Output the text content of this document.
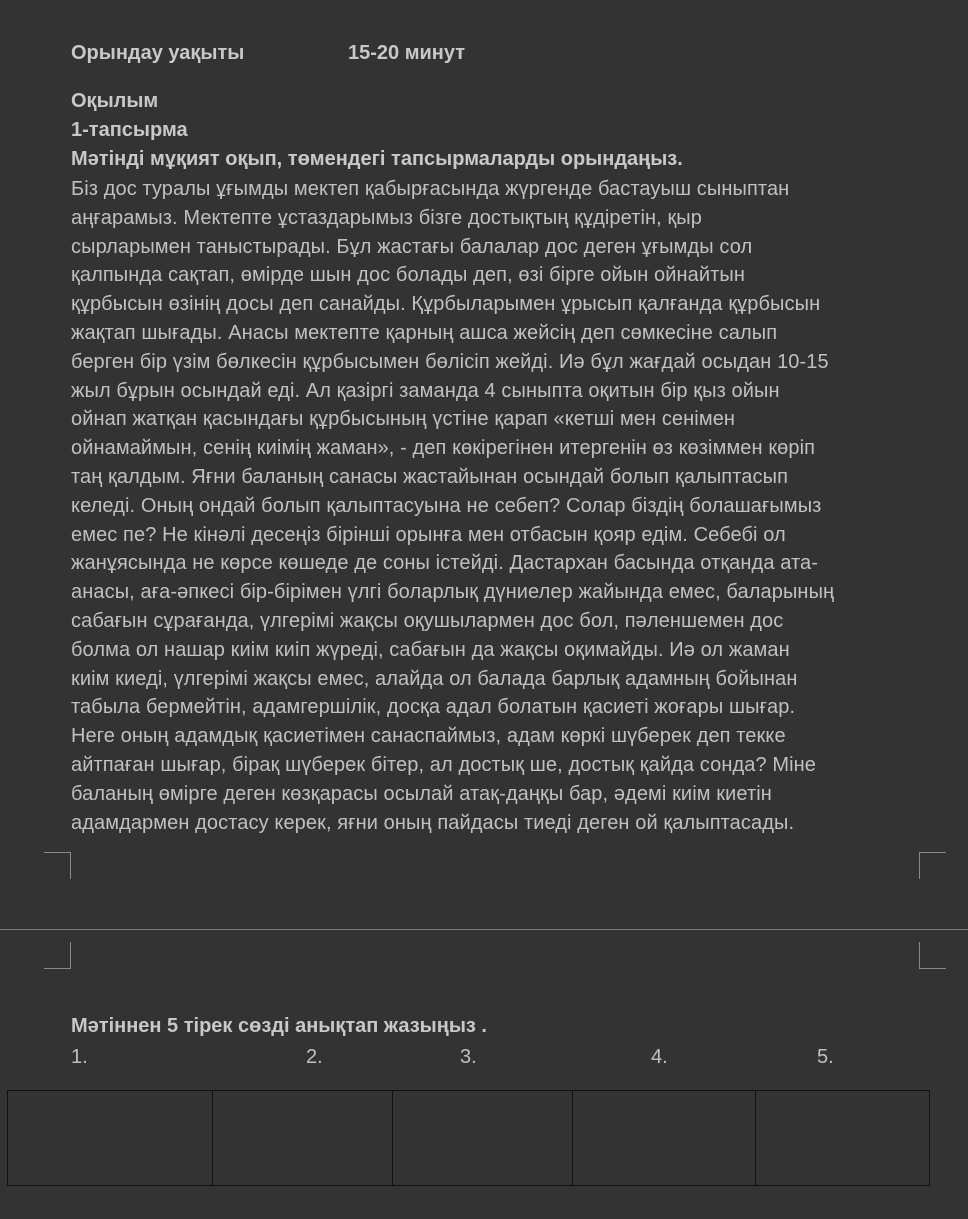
Орындау уақыты	15-20 минут
Оқылым
1-тапсырма
Мәтінді мұқият оқып, төмендегі тапсырмаларды орындаңыз.
Біз дос туралы ұғымды мектеп қабырғасында жүргенде бастауыш сыныптан
аңғарамыз. Мектепте ұстаздарымыз бізге достықтың құдіретін, қыр
сырларымен таныстырады. Бұл жастағы балалар дос деген ұғымды сол
қалпында сақтап, өмірде шын дос болады деп, өзі бірге ойын ойнайтын
құрбысын өзінің досы деп санайды. Құрбыларымен ұрысып қалғанда құрбысын
жақтап шығады. Анасы мектепте қарның ашса жейсің деп сөмкесіне салып
берген бір үзім бөлкесін құрбысымен бөлісіп жейді. Иә бұл жағдай осыдан 10-15
жыл бұрын осындай еді. Ал қазіргі заманда 4 сыныпта оқитын бір қыз ойын
ойнап жатқан қасындағы құрбысының үстіне қарап «кетші мен сенімен
ойнамаймын, сенің киімің жаман», - деп көкірегінен итергенін өз көзіммен көріп
таң қалдым. Яғни баланың санасы жастайынан осындай болып қалыптасып
келеді. Оның ондай болып қалыптасуына не себеп? Солар біздің болашағымыз
емес пе? Не кінәлі десеңіз бірінші орынға мен отбасын қояр едім. Себебі ол
жанұясында не көрсе көшеде де соны істейді. Дастархан басында отқанда ата-
анасы, аға-әпкесі бір-бірімен үлгі боларлық дүниелер жайында емес, баларының
сабағын сұрағанда, үлгерімі жақсы оқушылармен дос бол, пәленшемен дос
болма ол нашар киім киіп жүреді, сабағын да жақсы оқимайды. Иә ол жаман
киім киеді, үлгерімі жақсы емес, алайда ол балада барлық адамның бойынан
табыла бермейтін, адамгершілік, досқа адал болатын қасиеті жоғары шығар.
Неге оның адамдық қасиетімен санаспаймыз, адам көркі шүберек деп текке
айтпаған шығар, бірақ шүберек бітер, ал достық ше, достық қайда сонда? Міне
баланың өмірге деген көзқарасы осылай атақ-даңқы бар, әдемі киім киетін
адамдармен достасу керек, яғни оның пайдасы тиеді деген ой қалыптасады.
Мәтіннен 5 тірек сөзді анықтап жазыңыз .
1.	2.	3.	4.	5.
